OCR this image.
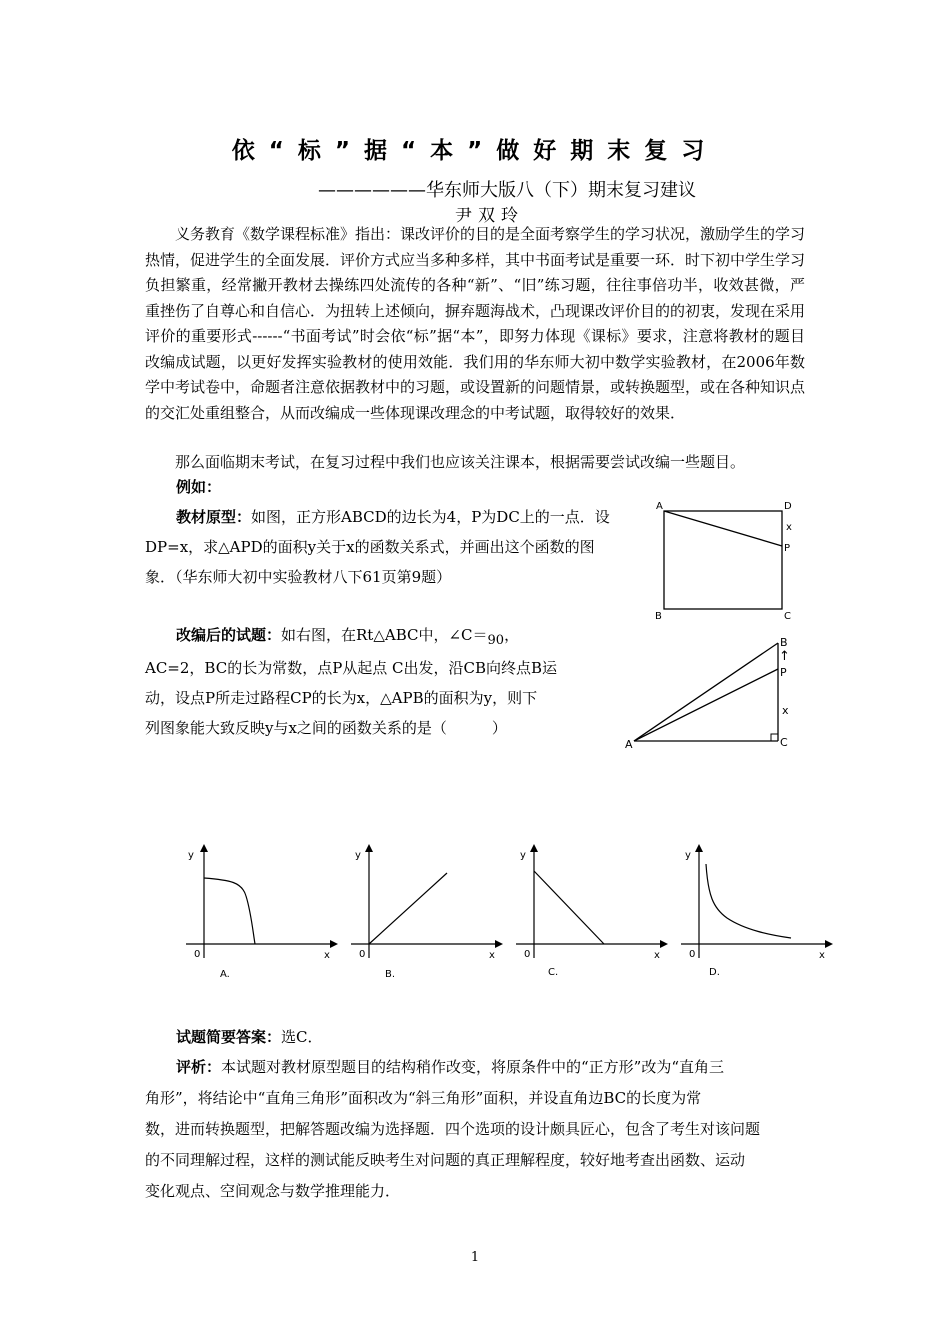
依“标”据“本”做好期末复习
——————华东师大版八（下）期末复习建议
尹双玲
义务教育《数学课程标准》指出：课改评价的目的是全面考察学生的学习状况，激励学生的学习热情，促进学生的全面发展．评价方式应当多种多样，其中书面考试是重要一环．时下初中学生学习负担繁重，经常撇开教材去操练四处流传的各种“新”、“旧”练习题，往往事倍功半，收效甚微，严重挫伤了自尊心和自信心．为扭转上述倾向，摒弃题海战术，凸现课改评价目的的初衷，发现在采用评价的重要形式------“书面考试”时会依“标”据“本”，即努力体现《课标》要求，注意将教材的题目改编成试题，以更好发挥实验教材的使用效能．我们用的华东师大初中数学实验教材，在2006年数学中考试卷中，命题者注意依据教材中的习题，或设置新的问题情景，或转换题型，或在各种知识点的交汇处重组整合，从而改编成一些体现课改理念的中考试题，取得较好的效果．
那么面临期末考试，在复习过程中我们也应该关注课本，根据需要尝试改编一些题目。
例如：
教材原型：如图，正方形ABCD的边长为4，P为DC上的一点．设
DP=x，求△APD的面积y关于x的函数关系式，并画出这个函数的图
象．（华东师大初中实验教材八下61页第9题）
A	D
x
P
B	C
改编后的试题：如右图，在Rt△ABC中，∠C＝90，
AC=2，BC的长为常数，点P从起点 C出发，沿CB向终点B运
动，设点P所走过路程CP的长为x，△APB的面积为y，则下
列图象能大致反映y与x之间的函数关系的是（　　　）
A
B
C
P
x
↑
y
0	x
A.
y
0	x
B.
y
0	x
C.
y
0	x
D.
试题简要答案：选C．
评析：本试题对教材原型题目的结构稍作改变，将原条件中的“正方形”改为“直角三
角形”，将结论中“直角三角形”面积改为“斜三角形”面积，并设直角边BC的长度为常
数，进而转换题型，把解答题改编为选择题．四个选项的设计颇具匠心，包含了考生对该问题
的不同理解过程，这样的测试能反映考生对问题的真正理解程度，较好地考查出函数、运动
变化观点、空间观念与数学推理能力．
1
